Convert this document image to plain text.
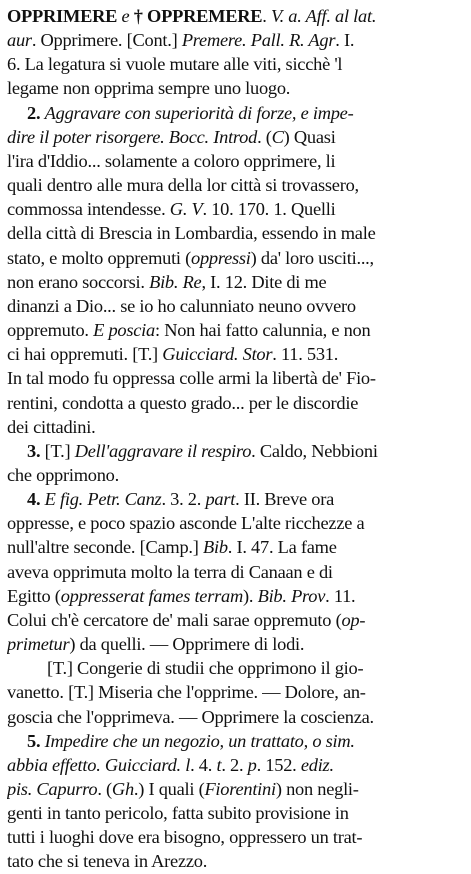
OPPRIMERE e † OPPREMERE. V. a. Aff. al lat.
aur. Opprimere. [Cont.] Premere. Pall. R. Agr. I.
6. La legatura si vuole mutare alle viti, sicchè 'l
legame non opprima sempre uno luogo.
2. Aggravare con superiorità di forze, e impe-
dire il poter risorgere. Bocc. Introd. (C) Quasi
l'ira d'Iddio... solamente a coloro opprimere, li
quali dentro alle mura della lor città si trovassero,
commossa intendesse. G. V. 10. 170. 1. Quelli
della città di Brescia in Lombardia, essendo in male
stato, e molto oppremuti (oppressi) da' loro usciti...,
non erano soccorsi. Bib. Re, I. 12. Dite di me
dinanzi a Dio... se io ho calunniato neuno ovvero
oppremuto. E poscia: Non hai fatto calunnia, e non
ci hai oppremuti. [T.] Guicciard. Stor. 11. 531.
In tal modo fu oppressa colle armi la libertà de' Fio-
rentini, condotta a questo grado... per le discordie
dei cittadini.
3. [T.] Dell'aggravare il respiro. Caldo, Nebbioni
che opprimono.
4. E fig. Petr. Canz. 3. 2. part. II. Breve ora
oppresse, e poco spazio asconde L'alte ricchezze a
null'altre seconde. [Camp.] Bib. I. 47. La fame
aveva opprimuta molto la terra di Canaan e di
Egitto (oppresserat fames terram). Bib. Prov. 11.
Colui ch'è cercatore de' mali sarae oppremuto (op-
primetur) da quelli. — Opprimere di lodi.
[T.] Congerie di studii che opprimono il gio-
vanetto. [T.] Miseria che l'opprime. — Dolore, an-
goscia che l'opprimeva. — Opprimere la coscienza.
5. Impedire che un negozio, un trattato, o sim.
abbia effetto. Guicciard. l. 4. t. 2. p. 152. ediz.
pis. Capurro. (Gh.) I quali (Fiorentini) non negli-
genti in tanto pericolo, fatta subito provisione in
tutti i luoghi dove era bisogno, oppressero un trat-
tato che si teneva in Arezzo.
